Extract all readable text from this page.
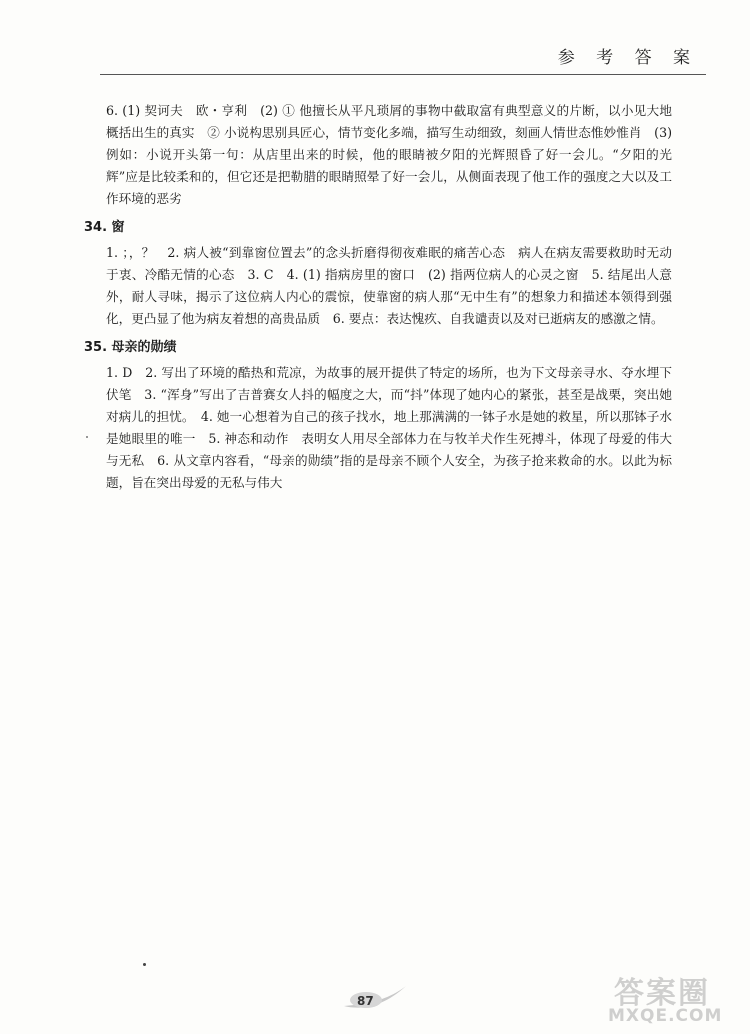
参 考 答 案

6. (1) 契诃夫　欧・亨利　(2) ① 他擅长从平凡琐屑的事物中截取富有典型意义的片断，以小见大地概括出生的真实　② 小说构思别具匠心，情节变化多端，描写生动细致，刻画人情世态惟妙惟肖　(3) 例如：小说开头第一句：从店里出来的时候，他的眼睛被夕阳的光辉照昏了好一会儿。“夕阳的光辉”应是比较柔和的，但它还是把勒腊的眼睛照晕了好一会儿，从侧面表现了他工作的强度之大以及工作环境的恶劣

34. 窗

1. ；，？　2. 病人被“到靠窗位置去”的念头折磨得彻夜难眠的痛苦心态　病人在病友需要救助时无动于衷、冷酷无情的心态　3. C　4. (1) 指病房里的窗口　(2) 指两位病人的心灵之窗　5. 结尾出人意外，耐人寻味，揭示了这位病人内心的震惊，使靠窗的病人那“无中生有”的想象力和描述本领得到强化，更凸显了他为病友着想的高贵品质　6. 要点：表达愧疚、自我谴责以及对已逝病友的感激之情。

35. 母亲的勋绩

1. D　2. 写出了环境的酷热和荒凉，为故事的展开提供了特定的场所，也为下文母亲寻水、夺水埋下伏笔　3. “浑身”写出了吉普赛女人抖的幅度之大，而“抖”体现了她内心的紧张，甚至是战栗，突出她对病儿的担忧。　4. 她一心想着为自己的孩子找水，地上那满满的一钵子水是她的救星，所以那钵子水是她眼里的唯一　5. 神态和动作　表明女人用尽全部体力在与牧羊犬作生死搏斗，体现了母爱的伟大与无私　6. 从文章内容看，“母亲的勋绩”指的是母亲不顾个人安全，为孩子抢来救命的水。以此为标题，旨在突出母爱的无私与伟大

87	答案圈
MXQE.COM
